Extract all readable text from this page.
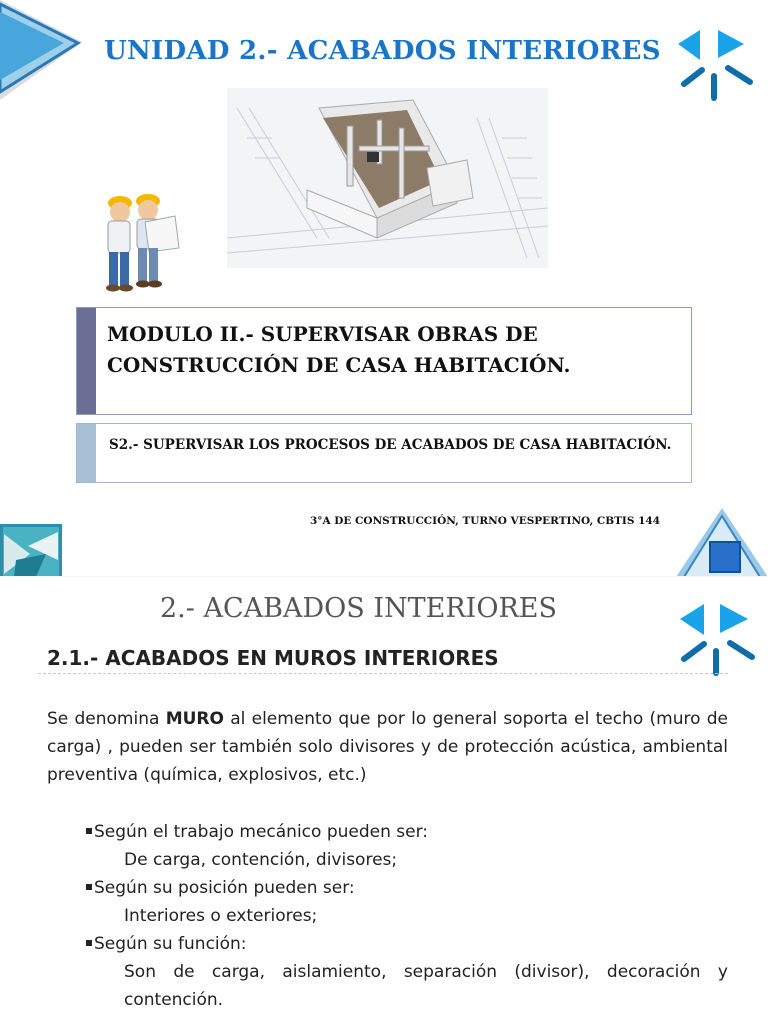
UNIDAD 2.- ACABADOS INTERIORES
MODULO II.- SUPERVISAR OBRAS DE CONSTRUCCIÓN DE CASA HABITACIÓN.
S2.- SUPERVISAR LOS PROCESOS DE ACABADOS DE CASA HABITACIÓN.
3°A DE CONSTRUCCIÓN, TURNO VESPERTINO, CBTIS 144
2.- ACABADOS INTERIORES
2.1.- ACABADOS EN MUROS INTERIORES
Se denomina MURO al elemento que por lo general soporta el techo (muro de carga) , pueden ser también solo divisores y de protección acústica, ambiental preventiva (química, explosivos, etc.)
Según el trabajo mecánico pueden ser:
De carga, contención, divisores;
Según su posición pueden ser:
Interiores o exteriores;
Según su función:
Son de carga, aislamiento, separación (divisor), decoración y contención.
